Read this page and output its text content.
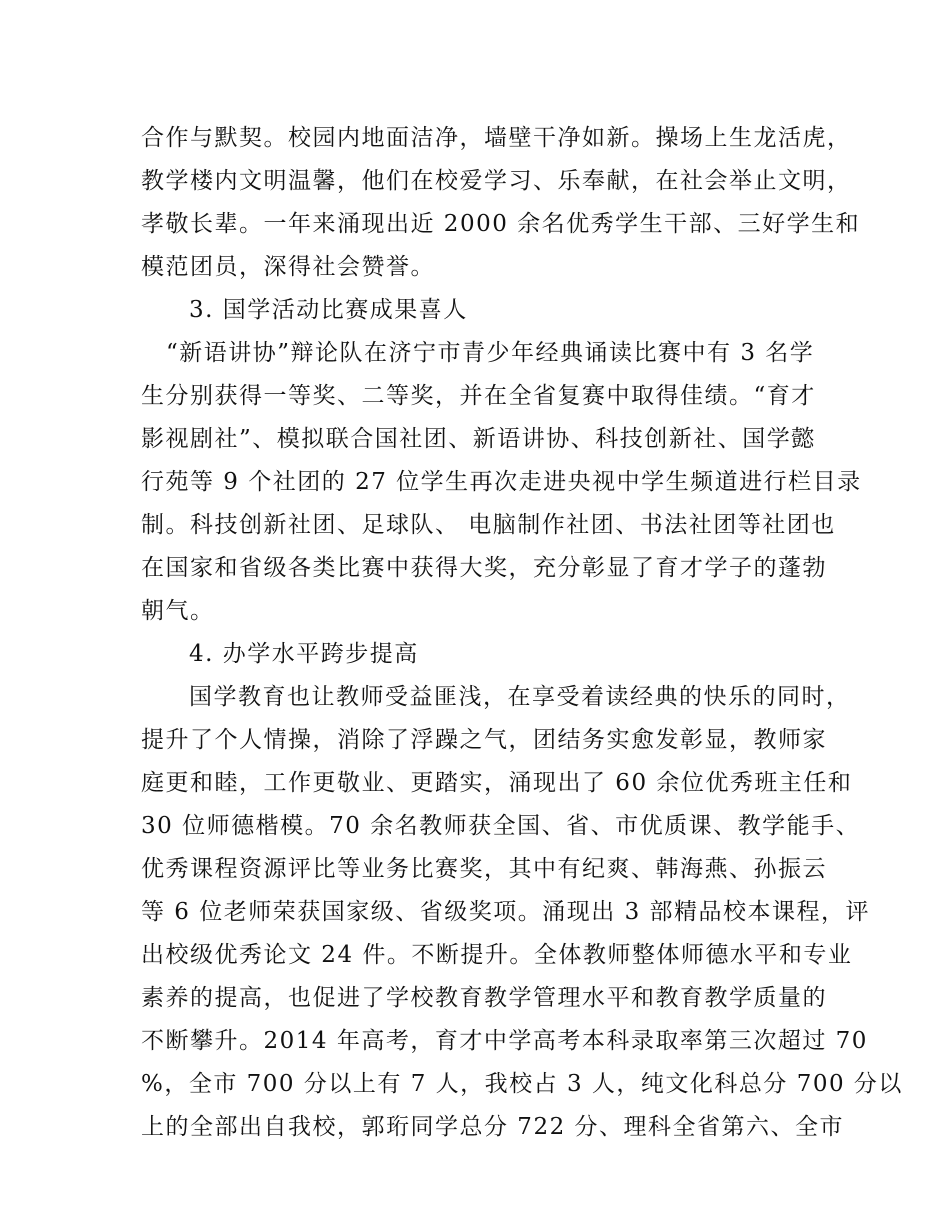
合作与默契。校园内地面洁净，墙壁干净如新。操场上生龙活虎，
教学楼内文明温馨，他们在校爱学习、乐奉献，在社会举止文明，
孝敬长辈。一年来涌现出近 2000 余名优秀学生干部、三好学生和
模范团员，深得社会赞誉。
3. 国学活动比赛成果喜人
“新语讲协”辩论队在济宁市青少年经典诵读比赛中有 3 名学
生分别获得一等奖、二等奖，并在全省复赛中取得佳绩。“育才
影视剧社”、模拟联合国社团、新语讲协、科技创新社、国学懿
行苑等 9 个社团的 27 位学生再次走进央视中学生频道进行栏目录
制。科技创新社团、足球队、 电脑制作社团、书法社团等社团也
在国家和省级各类比赛中获得大奖，充分彰显了育才学子的蓬勃
朝气。
4. 办学水平跨步提高
国学教育也让教师受益匪浅，在享受着读经典的快乐的同时，
提升了个人情操，消除了浮躁之气，团结务实愈发彰显，教师家
庭更和睦，工作更敬业、更踏实，涌现出了 60 余位优秀班主任和
30 位师德楷模。70 余名教师获全国、省、市优质课、教学能手、
优秀课程资源评比等业务比赛奖，其中有纪爽、韩海燕、孙振云
等 6 位老师荣获国家级、省级奖项。涌现出 3 部精品校本课程，评
出校级优秀论文 24 件。不断提升。全体教师整体师德水平和专业
素养的提高，也促进了学校教育教学管理水平和教育教学质量的
不断攀升。2014 年高考，育才中学高考本科录取率第三次超过 70
%，全市 700 分以上有 7 人，我校占 3 人，纯文化科总分 700 分以
上的全部出自我校，郭珩同学总分 722 分、理科全省第六、全市
